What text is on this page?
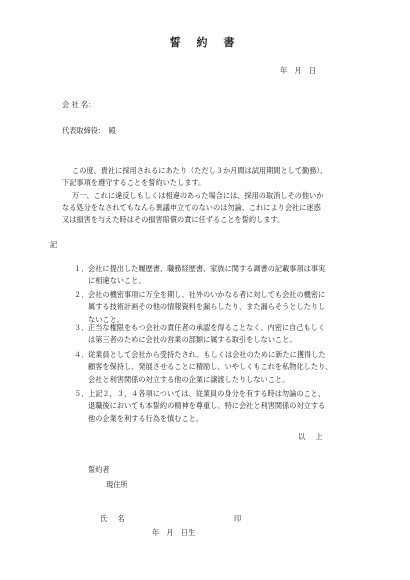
誓 約 書
年　月　日
会 社 名：
代表取締役：　殿
この度、貴社に採用されるにあたり（ただし３か月間は試用期間として勤務）、
下記事項を遵守することを誓約いたします。
万一、これに違反しもしくは相違のあった場合には、採用の取消しその他いか
なる処分をなされてもなんら異議申立てのないのは勿論、これにより会社に迷惑
又は損害を与えた時はその損害賠償の責に任ずることを誓約します。
記
１． 会社に提出した履歴書、職務経歴書、家族に関する調書の記載事項は事実
に相違ないこと。
２． 会社の機密事項に万全を期し、社外のいかなる者に対しても会社の機密に
属する技術計画その他の情報資料を漏らしたり、また漏らそうとしたりし
ないこと。
３． 正当な権限をもつ会社の責任者の承認を得ることなく、内密に自己もしく
は第三者のために会社の営業の部類に属する取引をしないこと。
４． 従業員として会社から受持たされ、もしくは会社のために新たに獲得した
顧客を保持し、発展させることに精励し、いやしくもこれを私物化したり、
会社と利害関係の対立する他の企業に譲渡したりしないこと。
５． 上記２，３，４各項については、従業員の身分を有する時は勿論のこと、
退職後においても本誓約の精神を尊重し、特に会社と利害関係の対立する
他の企業を利する行為を慎むこと。
以 上
誓約者
現住所
氏 名	印
年　月　日生
